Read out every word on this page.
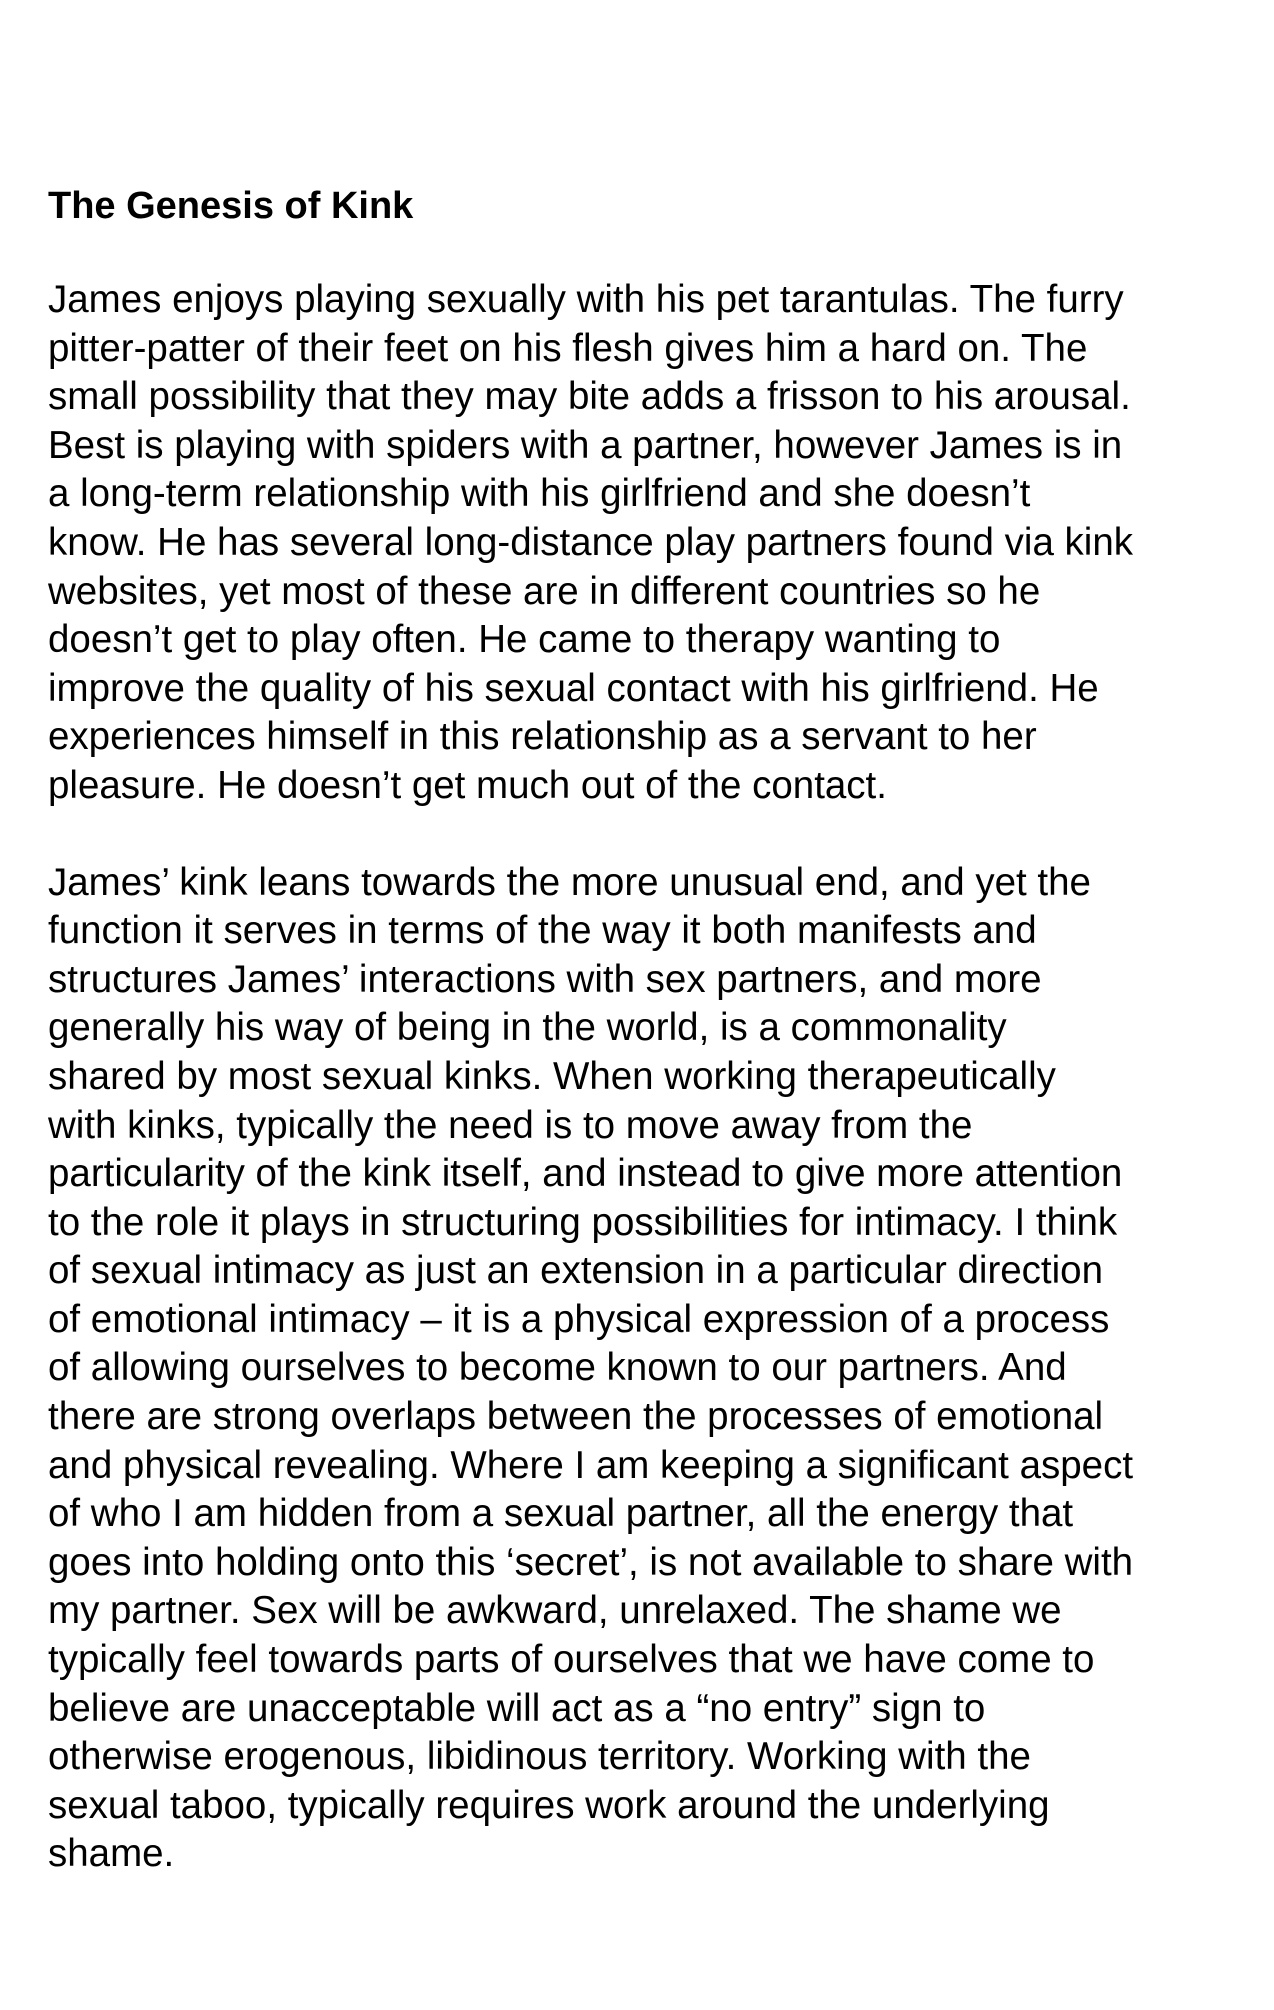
The Genesis of Kink
James enjoys playing sexually with his pet tarantulas. The furry
pitter-patter of their feet on his flesh gives him a hard on. The
small possibility that they may bite adds a frisson to his arousal.
Best is playing with spiders with a partner, however James is in
a long-term relationship with his girlfriend and she doesn’t
know. He has several long-distance play partners found via kink
websites, yet most of these are in different countries so he
doesn’t get to play often. He came to therapy wanting to
improve the quality of his sexual contact with his girlfriend. He
experiences himself in this relationship as a servant to her
pleasure. He doesn’t get much out of the contact.
James’ kink leans towards the more unusual end, and yet the
function it serves in terms of the way it both manifests and
structures James’ interactions with sex partners, and more
generally his way of being in the world, is a commonality
shared by most sexual kinks. When working therapeutically
with kinks, typically the need is to move away from the
particularity of the kink itself, and instead to give more attention
to the role it plays in structuring possibilities for intimacy. I think
of sexual intimacy as just an extension in a particular direction
of emotional intimacy – it is a physical expression of a process
of allowing ourselves to become known to our partners. And
there are strong overlaps between the processes of emotional
and physical revealing. Where I am keeping a significant aspect
of who I am hidden from a sexual partner, all the energy that
goes into holding onto this ‘secret’, is not available to share with
my partner. Sex will be awkward, unrelaxed. The shame we
typically feel towards parts of ourselves that we have come to
believe are unacceptable will act as a “no entry” sign to
otherwise erogenous, libidinous territory. Working with the
sexual taboo, typically requires work around the underlying
shame.
